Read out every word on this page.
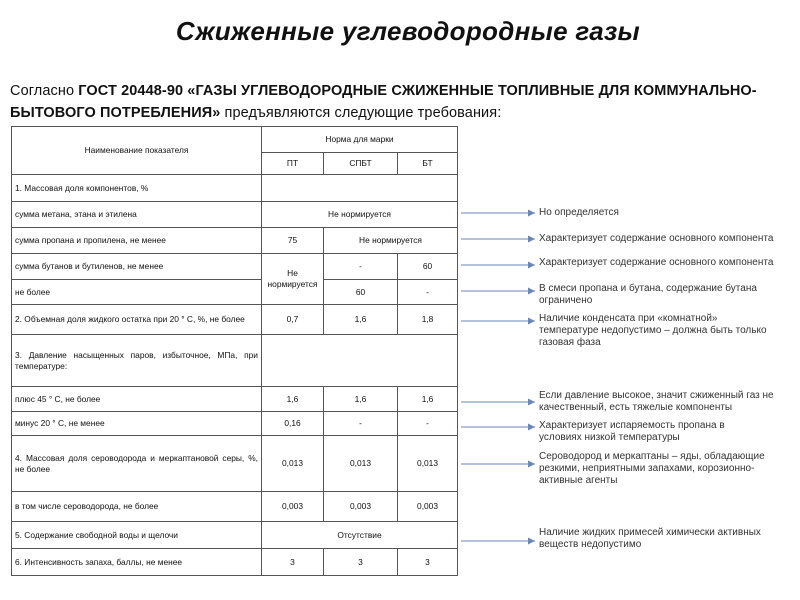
Сжиженные углеводородные газы
Согласно ГОСТ 20448-90 «ГАЗЫ УГЛЕВОДОРОДНЫЕ СЖИЖЕННЫЕ ТОПЛИВНЫЕ ДЛЯ КОММУНАЛЬНО-БЫТОВОГО ПОТРЕБЛЕНИЯ» предъявляются следующие требования:
Наименование показателя	Норма для марки		
	ПТ	СПБТ	БТ
1. Массовая доля компонентов, %			
сумма метана, этана и этилена	Не нормируется		
сумма пропана и пропилена, не менее	75	Не нормируется	
сумма бутанов и бутиленов, не менее	Не нормируется	-	60
не более		60	-
2. Объемная доля жидкого остатка при 20 ° С, %, не более	0,7	1,6	1,8
3. Давление насыщенных паров, избыточное, МПа, при температуре:			
плюс 45 ° С, не более	1,6	1,6	1,6
минус 20 ° С, не менее	0,16	-	-
4. Массовая доля сероводорода и меркаптановой серы, %, не более	0,013	0,013	0,013
в том числе сероводорода, не более	0,003	0,003	0,003
5. Содержание свободной воды и щелочи	Отсутствие		
6. Интенсивность запаха, баллы, не менее	3	3	3
Но определяется
Характеризует содержание основного компонента
Характеризует содержание основного компонента
В смеси пропана и бутана, содержание бутана ограничено
Наличие конденсата при «комнатной» температуре недопустимо – должна быть только газовая фаза
Если давление высокое, значит сжиженный газ не качественный, есть тяжелые компоненты
Характеризует испаряемость пропана в условиях низкой температуры
Сероводород и меркаптаны – яды, обладающие резкими, неприятными запахами, корозионно-активные агенты
Наличие жидких примесей химически активных веществ недопустимо
